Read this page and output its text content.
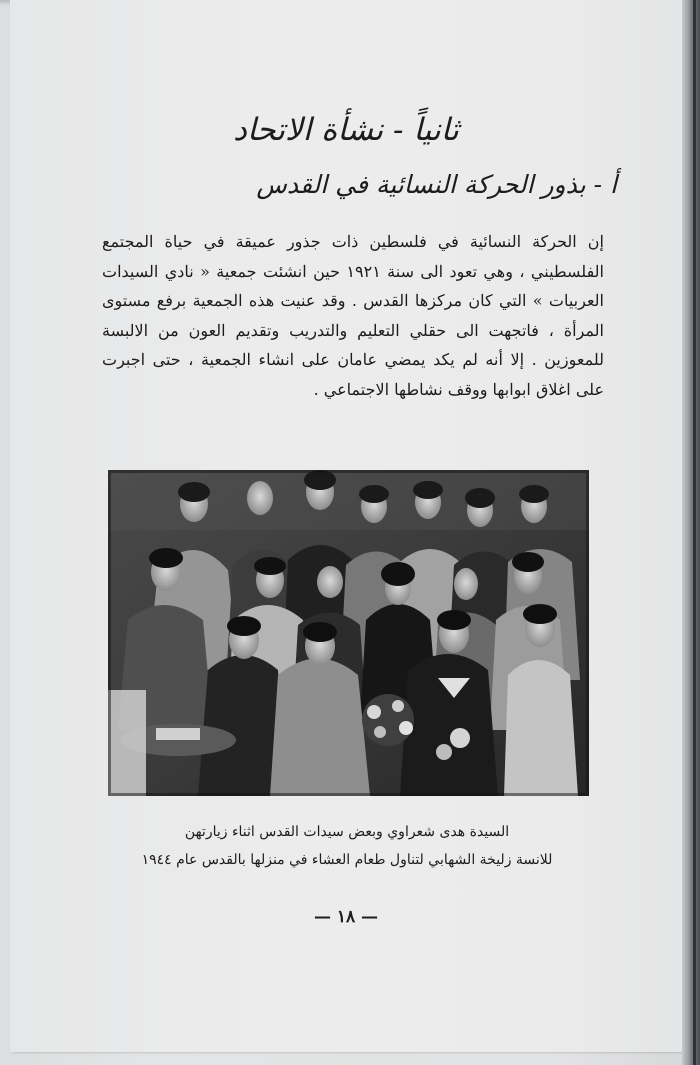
ثانياً - نشأة الاتحاد
أ - بذور الحركة النسائية في القدس
إن الحركة النسائية في فلسطين ذات جذور عميقة في حياة المجتمع الفلسطيني ، وهي تعود الى سنة ١٩٢١ حين انشئت جمعية « نادي السيدات العربيات » التي كان مركزها القدس . وقد عنيت هذه الجمعية برفع مستوى المرأة ، فاتجهت الى حقلي التعليم والتدريب وتقديم العون من الالبسة للمعوزين . إلا أنه لم يكد يمضي عامان على انشاء الجمعية ، حتى اجبرت على اغلاق ابوابها ووقف نشاطها الاجتماعي .
السيدة هدى شعراوي وبعض سيدات القدس اثناء زيارتهن
للانسة زليخة الشهابي لتناول طعام العشاء في منزلها بالقدس عام ١٩٤٤
— ١٨ —
